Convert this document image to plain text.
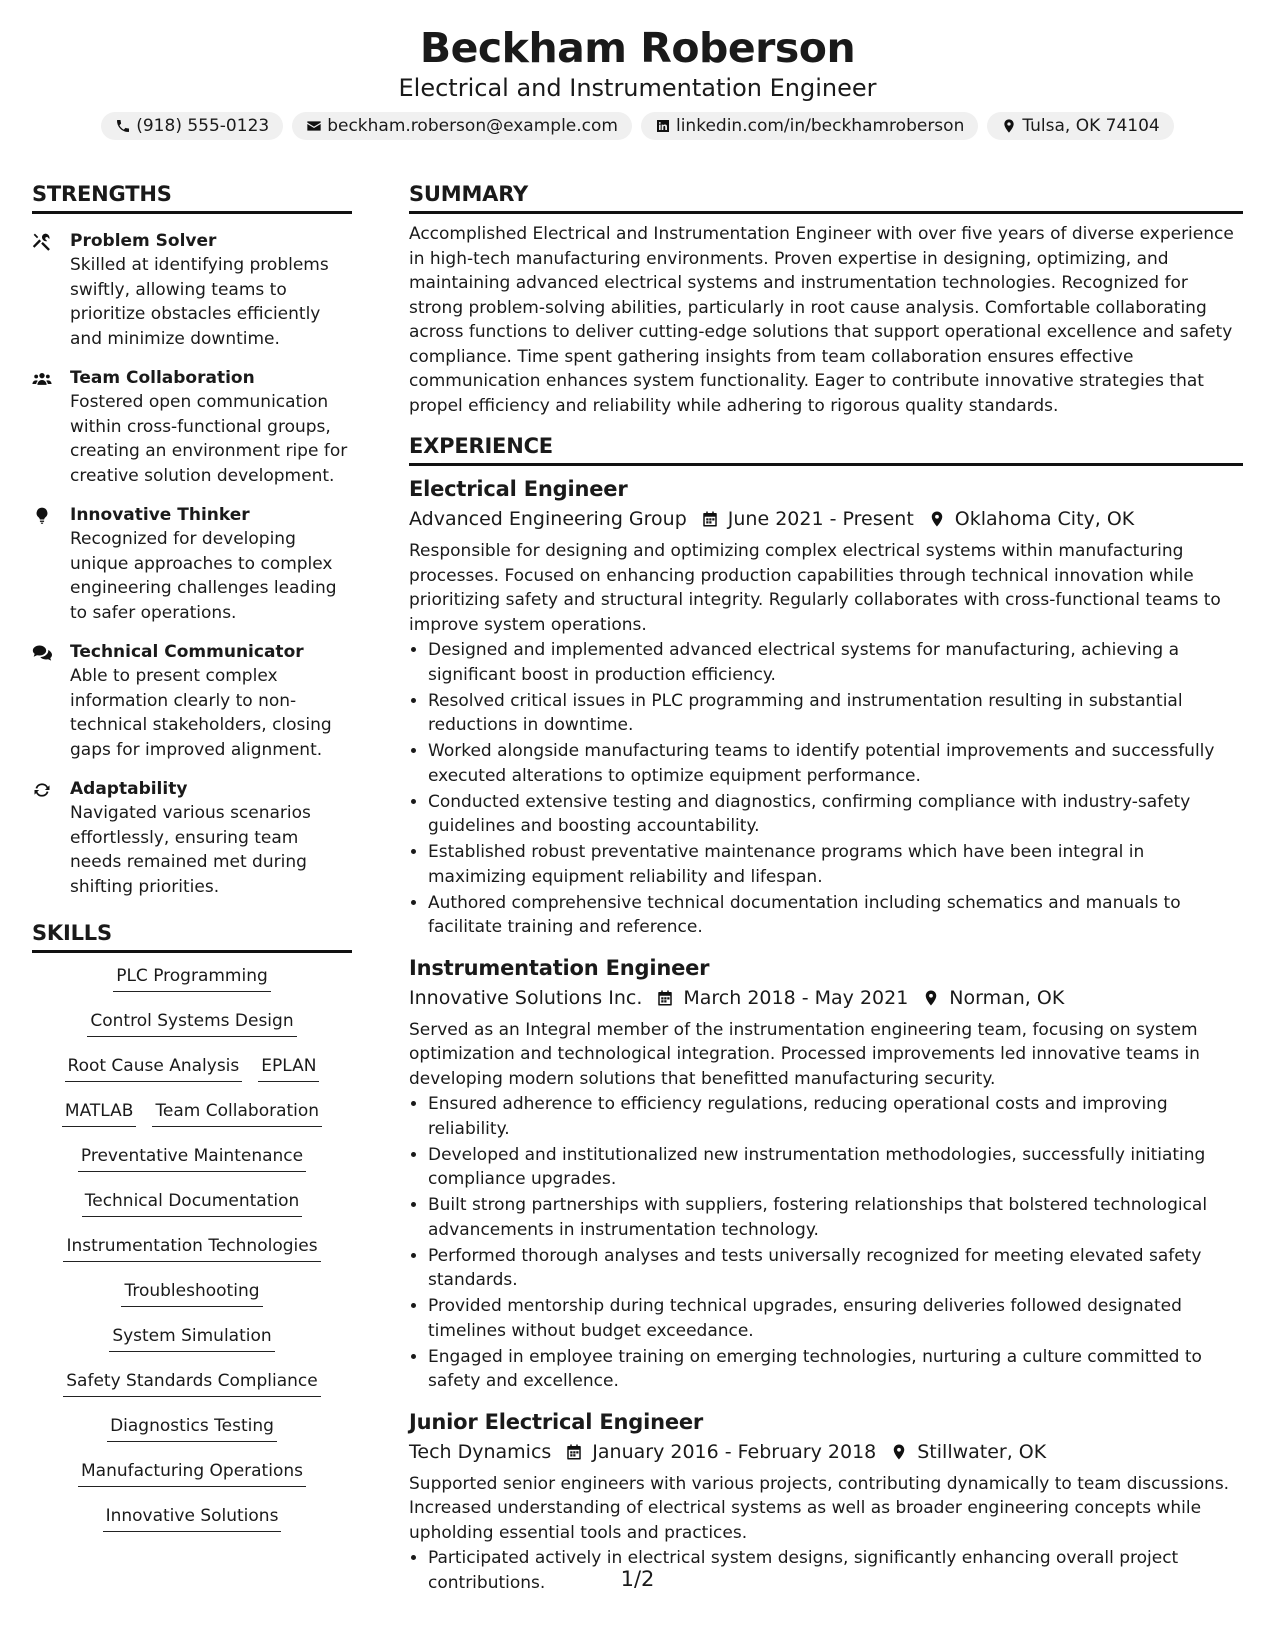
Beckham Roberson
Electrical and Instrumentation Engineer
(918) 555-0123	beckham.roberson@example.com	linkedin.com/in/beckhamroberson	Tulsa, OK 74104
STRENGTHS
Problem Solver
Skilled at identifying problems swiftly, allowing teams to prioritize obstacles efficiently and minimize downtime.
Team Collaboration
Fostered open communication within cross-functional groups, creating an environment ripe for creative solution development.
Innovative Thinker
Recognized for developing unique approaches to complex engineering challenges leading to safer operations.
Technical Communicator
Able to present complex information clearly to non-technical stakeholders, closing gaps for improved alignment.
Adaptability
Navigated various scenarios effortlessly, ensuring team needs remained met during shifting priorities.
SKILLS
PLC Programming
Control Systems Design
Root Cause Analysis EPLAN
MATLAB Team Collaboration
Preventative Maintenance
Technical Documentation
Instrumentation Technologies
Troubleshooting
System Simulation
Safety Standards Compliance
Diagnostics Testing
Manufacturing Operations
Innovative Solutions
SUMMARY
Accomplished Electrical and Instrumentation Engineer with over five years of diverse experience in high-tech manufacturing environments. Proven expertise in designing, optimizing, and maintaining advanced electrical systems and instrumentation technologies. Recognized for strong problem-solving abilities, particularly in root cause analysis. Comfortable collaborating across functions to deliver cutting-edge solutions that support operational excellence and safety compliance. Time spent gathering insights from team collaboration ensures effective communication enhances system functionality. Eager to contribute innovative strategies that propel efficiency and reliability while adhering to rigorous quality standards.
EXPERIENCE
Electrical Engineer
Advanced Engineering Group June 2021 - Present Oklahoma City, OK
Responsible for designing and optimizing complex electrical systems within manufacturing processes. Focused on enhancing production capabilities through technical innovation while prioritizing safety and structural integrity. Regularly collaborates with cross-functional teams to improve system operations.
• Designed and implemented advanced electrical systems for manufacturing, achieving a significant boost in production efficiency.
• Resolved critical issues in PLC programming and instrumentation resulting in substantial reductions in downtime.
• Worked alongside manufacturing teams to identify potential improvements and successfully executed alterations to optimize equipment performance.
• Conducted extensive testing and diagnostics, confirming compliance with industry-safety guidelines and boosting accountability.
• Established robust preventative maintenance programs which have been integral in maximizing equipment reliability and lifespan.
• Authored comprehensive technical documentation including schematics and manuals to facilitate training and reference.
Instrumentation Engineer
Innovative Solutions Inc. March 2018 - May 2021 Norman, OK
Served as an Integral member of the instrumentation engineering team, focusing on system optimization and technological integration. Processed improvements led innovative teams in developing modern solutions that benefitted manufacturing security.
• Ensured adherence to efficiency regulations, reducing operational costs and improving reliability.
• Developed and institutionalized new instrumentation methodologies, successfully initiating compliance upgrades.
• Built strong partnerships with suppliers, fostering relationships that bolstered technological advancements in instrumentation technology.
• Performed thorough analyses and tests universally recognized for meeting elevated safety standards.
• Provided mentorship during technical upgrades, ensuring deliveries followed designated timelines without budget exceedance.
• Engaged in employee training on emerging technologies, nurturing a culture committed to safety and excellence.
Junior Electrical Engineer
Tech Dynamics January 2016 - February 2018 Stillwater, OK
Supported senior engineers with various projects, contributing dynamically to team discussions. Increased understanding of electrical systems as well as broader engineering concepts while upholding essential tools and practices.
• Participated actively in electrical system designs, significantly enhancing overall project contributions.	1/2
